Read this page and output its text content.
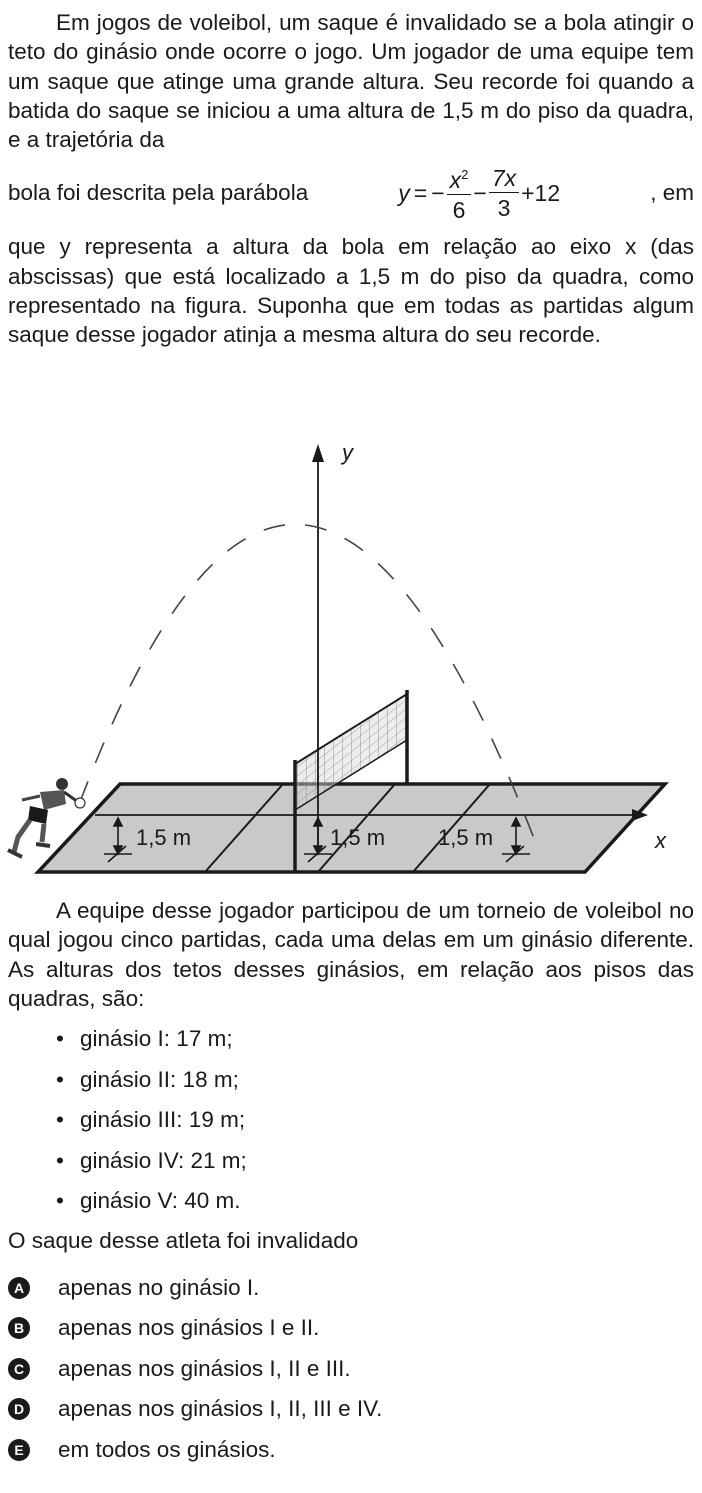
Em jogos de voleibol, um saque é invalidado se a bola atingir o teto do ginásio onde ocorre o jogo. Um jogador de uma equipe tem um saque que atinge uma grande altura. Seu recorde foi quando a batida do saque se iniciou a uma altura de 1,5 m do piso da quadra, e a trajetória da

bola foi descrita pela parábola	y = − $\frac{x^2}{6} - \frac{7x}{3} +12$	, em

que y representa a altura da bola em relação ao eixo x (das abscissas) que está localizado a 1,5 m do piso da quadra, como representado na figura. Suponha que em todas as partidas algum saque desse jogador atinja a mesma altura do seu recorde.

y
x
1,5 m	1,5 m 1,5 m

A equipe desse jogador participou de um torneio de voleibol no qual jogou cinco partidas, cada uma delas em um ginásio diferente. As alturas dos tetos desses ginásios, em relação aos pisos das quadras, são:

• ginásio I: 17 m;
• ginásio II: 18 m;
• ginásio III: 19 m;
• ginásio IV: 21 m;
• ginásio V: 40 m.

O saque desse atleta foi invalidado

A apenas no ginásio I.
B apenas nos ginásios I e II.
C apenas nos ginásios I, II e III.
D apenas nos ginásios I, II, III e IV.
E em todos os ginásios.
